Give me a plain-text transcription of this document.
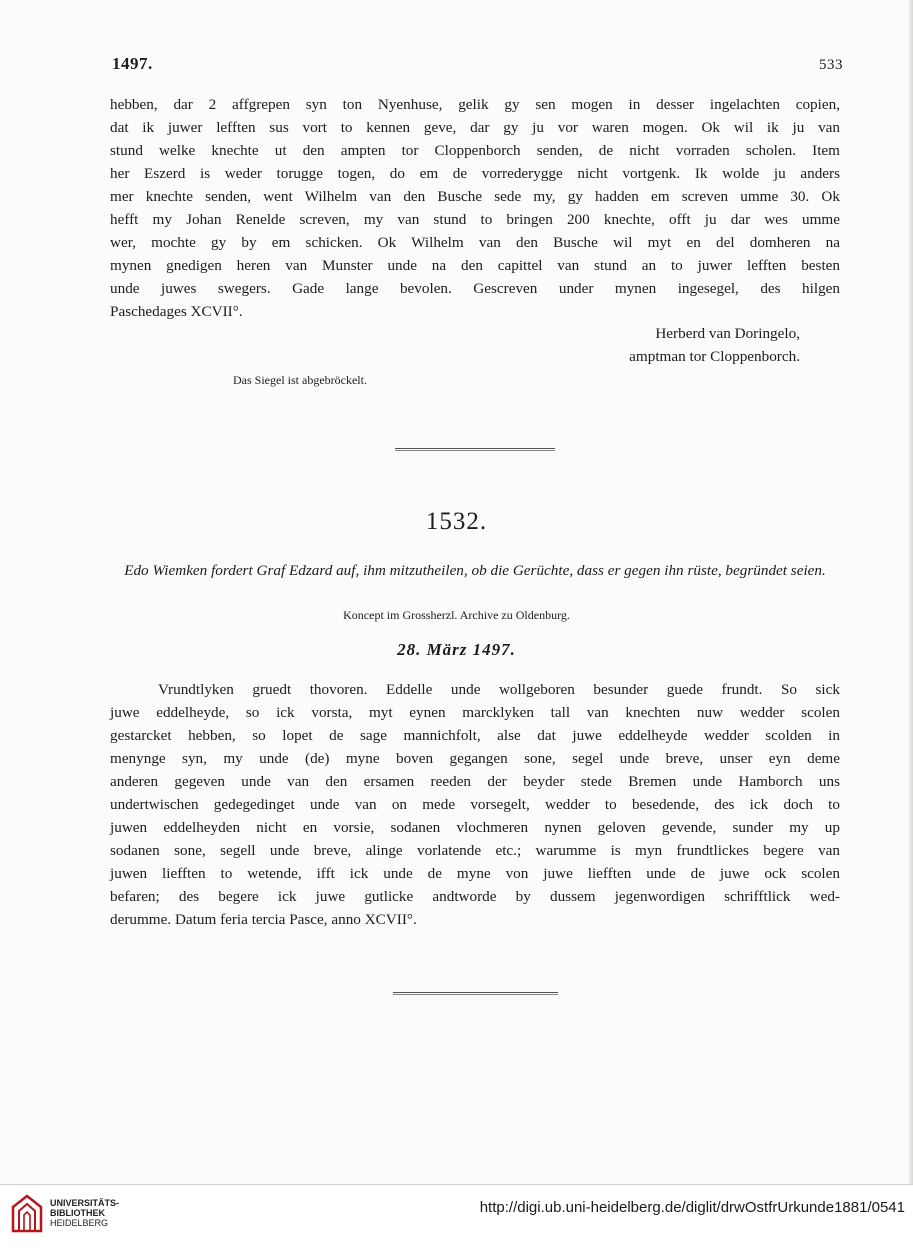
1497.	533
hebben, dar 2 affgrepen syn ton Nyenhuse, gelik gy sen mogen in desser ingelachten copien,
dat ik juwer lefften sus vort to kennen geve, dar gy ju vor waren mogen. Ok wil ik ju van
stund welke knechte ut den ampten tor Cloppenborch senden, de nicht vorraden scholen. Item
her Eszerd is weder torugge togen, do em de vorrederygge nicht vortgenk. Ik wolde ju anders
mer knechte senden, went Wilhelm van den Busche sede my, gy hadden em screven umme 30. Ok
hefft my Johan Renelde screven, my van stund to bringen 200 knechte, offt ju dar wes umme
wer, mochte gy by em schicken. Ok Wilhelm van den Busche wil myt en del domheren na
mynen gnedigen heren van Munster unde na den capittel van stund an to juwer lefften besten
unde juwes swegers. Gade lange bevolen. Gescreven under mynen ingesegel, des hilgen
Paschedages XCVII°.
Herberd van Doringelo,
amptman tor Cloppenborch.
Das Siegel ist abgebröckelt.
1532.
Edo Wiemken fordert Graf Edzard auf, ihm mitzutheilen, ob die Gerüchte, dass er gegen ihn rüste, begründet seien.
Koncept im Grossherzl. Archive zu Oldenburg.
28. März 1497.
Vrundtlyken gruedt thovoren. Eddelle unde wollgeboren besunder guede frundt. So sick
juwe eddelheyde, so ick vorsta, myt eynen marcklyken tall van knechten nuw wedder scolen
gestarcket hebben, so lopet de sage mannichfolt, alse dat juwe eddelheyde wedder scolden in
menynge syn, my unde (de) myne boven gegangen sone, segel unde breve, unser eyn deme
anderen gegeven unde van den ersamen reeden der beyder stede Bremen unde Hamborch uns
undertwischen gedegedinget unde van on mede vorsegelt, wedder to besedende, des ick doch to
juwen eddelheyden nicht en vorsie, sodanen vlochmeren nynen geloven gevende, sunder my up
sodanen sone, segell unde breve, alinge vorlatende etc.; warumme is myn frundtlickes begere van
juwen liefften to wetende, ifft ick unde de myne von juwe liefften unde de juwe ock scolen
befaren; des begere ick juwe gutlicke andtworde by dussem jegenwordigen schrifftlick wed-
derumme. Datum feria tercia Pasce, anno XCVII°.
UNIVERSITÄTS-
BIBLIOTHEK
HEIDELBERG
http://digi.ub.uni-heidelberg.de/diglit/drwOstfrUrkunde1881/0541
